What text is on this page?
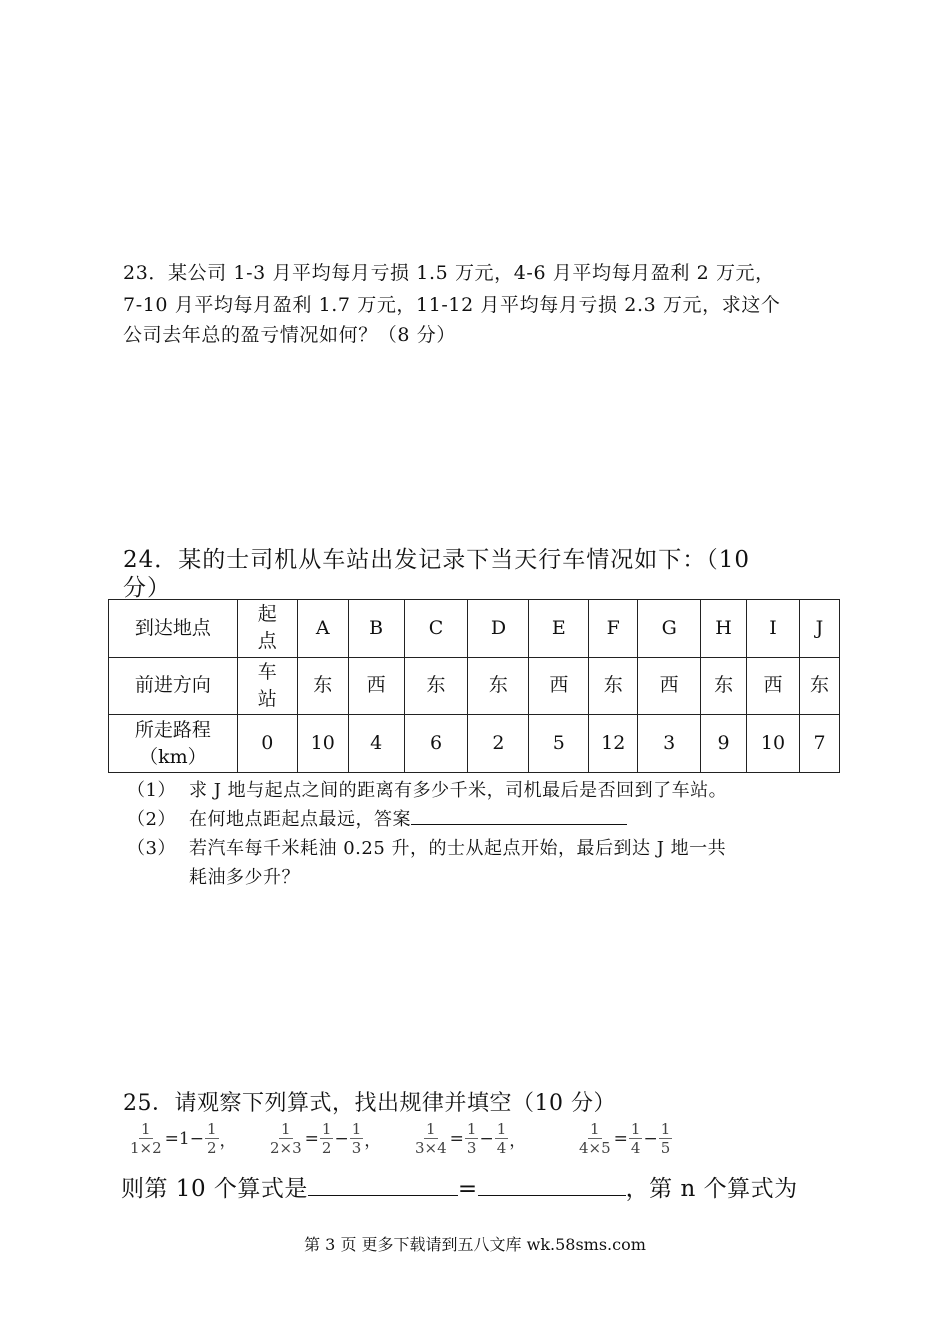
23．某公司 1-3 月平均每月亏损 1.5 万元，4-6 月平均每月盈利 2 万元，
7-10 月平均每月盈利 1.7 万元，11-12 月平均每月亏损 2.3 万元，求这个
公司去年总的盈亏情况如何？（8 分）
24．某的士司机从车站出发记录下当天行车情况如下：（10
分）
到达地点	起
点	A	B	C	D	E	F	G	H	I	J
前进方向	车
站	东	西	东	东	西	东	西	东	西	东
所走路程
（km）	0	10	4	6	2	5	12	3	9	10	7
（1） 求 J 地与起点之间的距离有多少千米，司机最后是否回到了车站。
（2） 在何地点距起点最远，答案
（3） 若汽车每千米耗油 0.25 升，的士从起点开始，最后到达 J 地一共
耗油多少升？
25．请观察下列算式，找出规律并填空（10 分）
$\frac{1}{1\times 2} =1- \frac{1}{2}$ ， $\frac{1}{2\times 3} = \frac{1}{2} - \frac{1}{3}$ ， $\frac{1}{3\times 4} = \frac{1}{3} - \frac{1}{4}$ ，	$\frac{1}{4\times 5} = \frac{1}{4} - \frac{1}{5}$
则第 10 个算式是	=	，第 n 个算式为
第 3 页 更多下载请到五八文库 wk.58sms.com
